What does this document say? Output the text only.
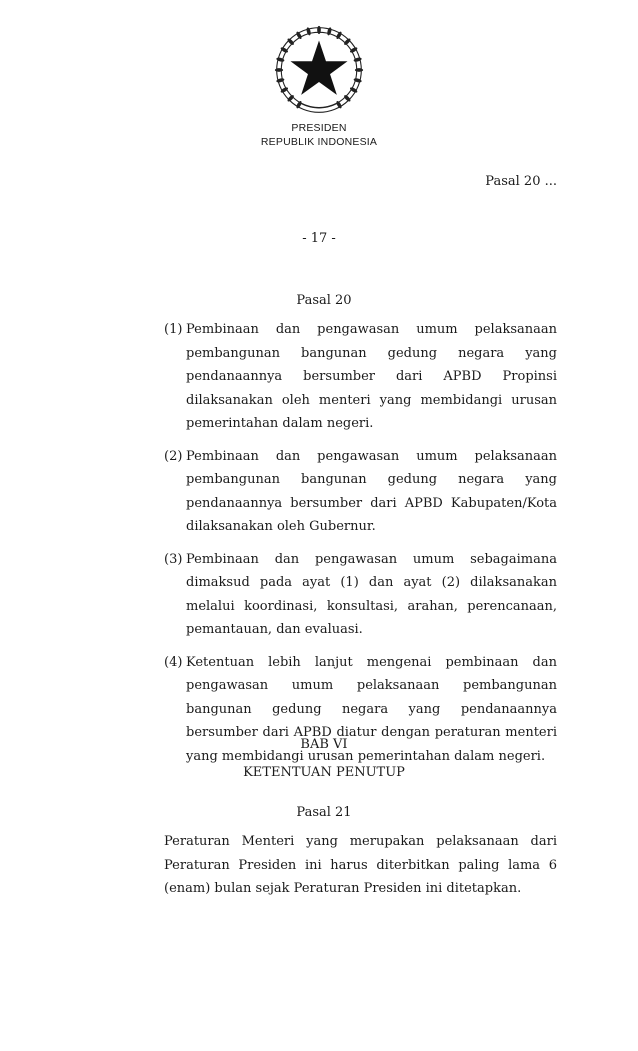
PRESIDEN
REPUBLIK INDONESIA
Pasal 20 ...
- 17 -
Pasal 20
(1) Pembinaan dan pengawasan umum pelaksanaan pembangunan bangunan gedung negara yang pendanaannya bersumber dari APBD Propinsi dilaksanakan oleh menteri yang membidangi urusan pemerintahan dalam negeri.
(2) Pembinaan dan pengawasan umum pelaksanaan pembangunan bangunan gedung negara yang pendanaannya bersumber dari APBD Kabupaten/Kota dilaksanakan oleh Gubernur.
(3) Pembinaan dan pengawasan umum sebagaimana dimaksud pada ayat (1) dan ayat (2) dilaksanakan melalui koordinasi, konsultasi, arahan, perencanaan, pemantauan, dan evaluasi.
(4) Ketentuan lebih lanjut mengenai pembinaan dan pengawasan umum pelaksanaan pembangunan bangunan gedung negara yang pendanaannya bersumber dari APBD diatur dengan peraturan menteri yang membidangi urusan pemerintahan dalam negeri.
BAB VI
KETENTUAN PENUTUP
Pasal 21

Peraturan Menteri yang merupakan pelaksanaan dari Peraturan Presiden ini harus diterbitkan paling lama 6 (enam) bulan sejak Peraturan Presiden ini ditetapkan.
